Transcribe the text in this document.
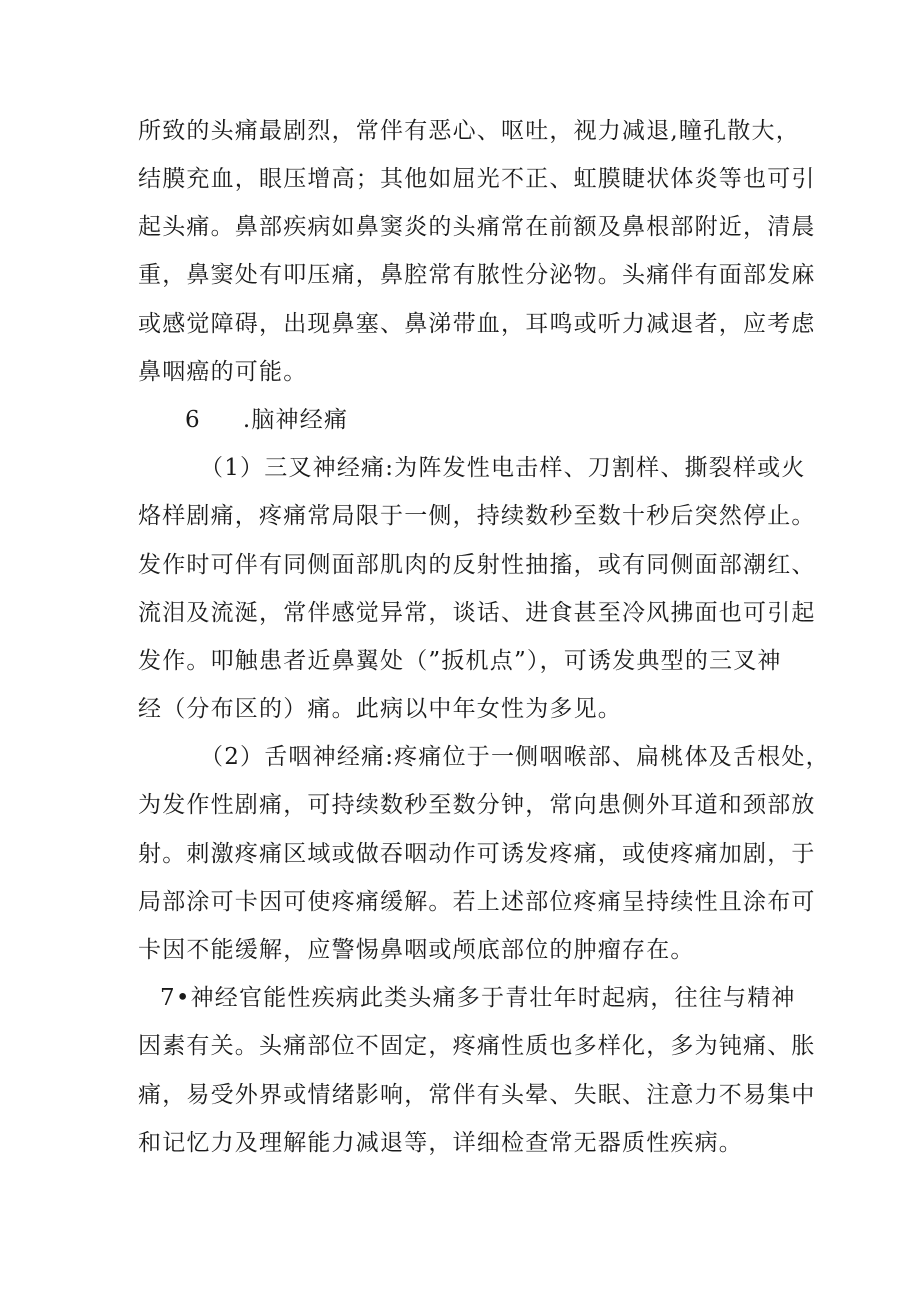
所致的头痛最剧烈，常伴有恶心、呕吐，视力减退,瞳孔散大，
结膜充血，眼压增高；其他如屈光不正、虹膜睫状体炎等也可引
起头痛。鼻部疾病如鼻窦炎的头痛常在前额及鼻根部附近，清晨
重，鼻窦处有叩压痛，鼻腔常有脓性分泌物。头痛伴有面部发麻
或感觉障碍，出现鼻塞、鼻涕带血，耳鸣或听力减退者，应考虑
鼻咽癌的可能。
6 .脑神经痛
（1）三叉神经痛:为阵发性电击样、刀割样、撕裂样或火
烙样剧痛，疼痛常局限于一侧，持续数秒至数十秒后突然停止。
发作时可伴有同侧面部肌肉的反射性抽搐，或有同侧面部潮红、
流泪及流涎，常伴感觉异常，谈话、进食甚至冷风拂面也可引起
发作。叩触患者近鼻翼处（”扳机点”），可诱发典型的三叉神
经（分布区的）痛。此病以中年女性为多见。
（2）舌咽神经痛:疼痛位于一侧咽喉部、扁桃体及舌根处，
为发作性剧痛，可持续数秒至数分钟，常向患侧外耳道和颈部放
射。刺激疼痛区域或做吞咽动作可诱发疼痛，或使疼痛加剧，于
局部涂可卡因可使疼痛缓解。若上述部位疼痛呈持续性且涂布可
卡因不能缓解，应警惕鼻咽或颅底部位的肿瘤存在。
7•神经官能性疾病此类头痛多于青壮年时起病，往往与精神
因素有关。头痛部位不固定，疼痛性质也多样化，多为钝痛、胀
痛，易受外界或情绪影响，常伴有头晕、失眠、注意力不易集中
和记忆力及理解能力减退等，详细检查常无器质性疾病。
